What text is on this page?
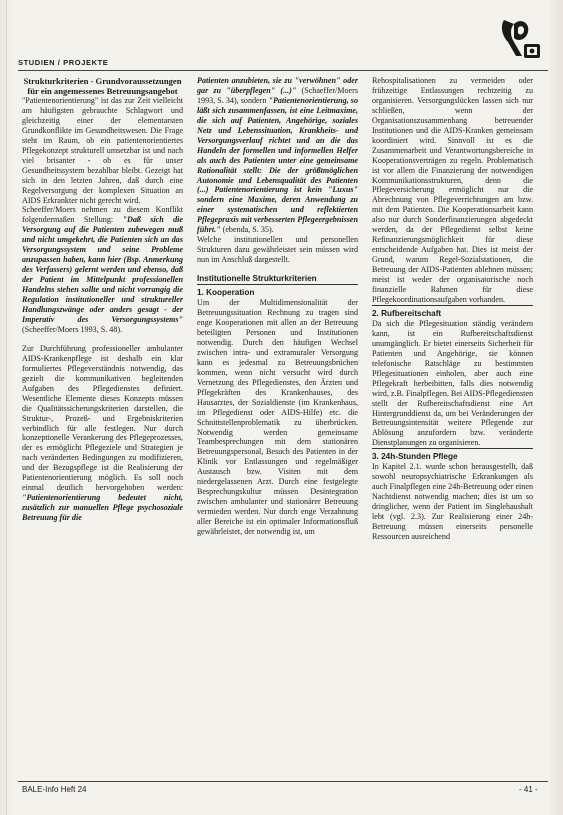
STUDIEN / PROJEKTE

Strukturkriterien - Grundvoraussetzungen für ein angemessenes Betreuungsangebot

"Patientenorientierung" ist das zur Zeit vielleicht am häufigsten gebrauchte Schlagwort und gleichzeitig einer der elementarsten Grundkonflikte im Gesundheitswesen. Die Frage steht im Raum, ob ein patientenorientiertes Pflegekonzept strukturell umsetzbar ist und nach viel brisanter - ob es für unser Gesundheitssystem bezahlbar bleibt. Gezeigt hat sich in den letzten Jahren, daß durch eine Regelversorgung der komplexen Situation an AIDS Erkrankter nicht gerecht wird.

Scheeffer/Moers nehmen zu diesem Konflikt folgendermaßen Stellung: "Daß sich die Versorgung auf die Patienten zubewegen muß und nicht umgekehrt, die Patienten sich an das Versorgungssystem und seine Probleme anzupassen haben, kann hier (Bsp. Anmerkung des Verfassers) gelernt werden und ebenso, daß der Patient im Mittelpunkt professionellen Handelns stehen sollte und nicht vorrangig die Regulation institutioneller und struktureller Handlungszwänge oder anders gesagt - der Imperativ des Versorgungssystems" (Scheeffer/Moers 1993, S. 48).

Zur Durchführung professioneller ambulanter AIDS-Krankenpflege ist deshalb ein klar formuliertes Pflegeverständnis notwendig, das gezielt die kommunikativen begleitenden Aufgaben des Pflegedienstes definiert. Wesentliche Elemente dieses Konzepts müssen die Qualitätssicherungskriterien darstellen, die Struktur-, Prozeß- und Ergebniskriterien verbindlich für alle festlegen. Nur durch konzeptionelle Verankerung des Pflegeprozesses, der es ermöglicht Pflegeziele und Strategien je nach veränderten Bedingungen zu modifizieren, und der Bezugspflege ist die Realisierung der Patientenorientierung möglich. Es soll noch einmal deutlich hervorgehoben werden: "Patientenorientierung bedeutet nicht, zusätzlich zur manuellen Pflege psychosoziale Betreuung für die

Patienten anzubieten, sie zu "verwöhnen" oder gar zu "überpflegen" (...)" (Schaeffer/Moers 1993, S. 34), sondern "Patientenorientierung, so läßt sich zusammenfassen, ist eine Leitmaxime, die sich auf Patienten, Angehörige, soziales Netz und Lebenssituation, Krankheits- und Versorgungsverlauf richtet und an die das Handeln der formellen und informellen Helfer als auch des Patienten unter eine gemeinsame Rationalität stellt: Die der größtmöglichen Autonomie und Lebensqualität des Patienten (...) Patientenorientierung ist kein "Luxus" sondern eine Maxime, deren Anwendung zu einer systematischen und reflektierten Pflegepraxis mit verbesserten Pflegeergebnissen führt." (ebenda, S. 35).

Welche institutionellen und personellen Strukturen dazu gewährleistet sein müssen wird nun im Anschluß dargestellt.

Institutionelle Strukturkriterien

1. Kooperation

Um der Multidimensionalität der Betreuungssituation Rechnung zu tragen sind enge Kooperationen mit allen an der Betreuung beteiligten Personen und Institutionen notwendig. Durch den häufigen Wechsel zwischen intra- und extramuraler Versorgung kann es jedesmal zu Betreuungsbrüchen kommen, wenn nicht versucht wird durch Vernetzung des Pflegedienstes, den Ärzten und Pflegekräften des Krankenhauses, des Hausarztes, der Sozialdienste (im Krankenhaus, im Pflegedienst oder AIDS-Hilfe) etc. die Schnittstellenproblematik zu überbrücken. Notwendig werden gemeinsame Teambesprechungen mit dem stationären Betreuungspersonal, Besuch des Patienten in der Klinik vor Entlassungen und regelmäßiger Austausch bzw. Visiten mit dem niedergelassenen Arzt. Durch eine festgelegte Besprechungskultur müssen Desintegration zwischen ambulanter und stationärer Betreuung vermieden werden. Nur durch enge Verzahnung aller Bereiche ist ein optimaler Informationsfluß gewährleistet, der notwendig ist, um

Rehospitalisationen zu vermeiden oder frühzeitige Entlassungen rechtzeitig zu organisieren. Versorgungslücken lassen sich nur schließen, wenn der Organisationszusammenhang betreuender Institutionen und die AIDS-Kranken gemeinsam koordiniert wird. Sinnvoll ist es die Zusammenarbeit und Verantwortungsbereiche in Kooperationsverträgen zu regeln. Problematisch ist vor allem die Finanzierung der notwendigen Kommunikationsstrukturen, denn die Pflegeversicherung ermöglicht nur die Abrechnung von Pflegeverrichtungen am bzw. mit dem Patienten. Die Kooperationsarbeit kann also nur durch Sonderfinanzierungen abgedeckt werden, da der Pflegedienst selbst keine Refinanzierungsmöglichkeit für diese entscheidende Aufgaben hat. Dies ist meist der Grund, warum Regel-Sozialstationen, die Betreuung der AIDS-Patienten ablehnen müssen; meist ist weder der organisatorische noch finanzielle Rahmen für diese Pflegekoordinationsaufgaben vorhanden.

2. Rufbereitschaft

Da sich die Pflegesituation ständig verändern kann, ist ein Rufbereitschaftsdienst unumgänglich. Er bietet einerseits Sicherheit für Patienten und Angehörige, sie können telefonische Ratschläge zu bestimmten Pflegesituationen einholen, aber auch eine Pflegekraft herbeibitten, falls dies notwendig wird, z.B. Finalpflegen. Bei AIDS-Pflegediensten stellt der Rufbereitschaftsdienst eine Art Hintergrunddienst da, um bei Veränderungen der Betreuungsintensität weitere Pflegende zur Ablösung anzufordern bzw. veränderte Dienstplanungen zu organisieren.

3. 24h-Stunden Pflege

In Kapitel 2.1. wurde schon herausgestellt, daß sowohl neuropsychiatrische Erkrankungen als auch Finalpflegen eine 24h-Betreuung oder einen Nachtdienst notwendig machen; dies ist um so dringlicher, wenn der Patient im Singlehaushalt lebt (vgl. 2.3). Zur Realisierung einer 24h-Betreuung müssen einerseits personelle Ressourcen ausreichend

BALE-Info Heft 24	- 41 -
